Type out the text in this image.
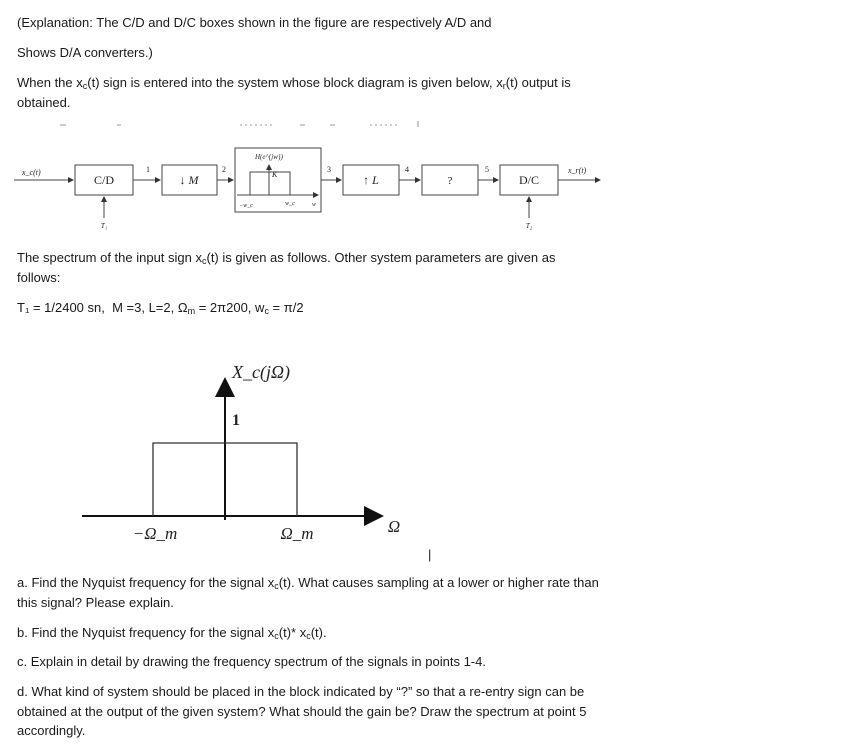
(Explanation: The C/D and D/C boxes shown in the figure are respectively A/D and
Shows D/A converters.)
When the $x_c(t)$ sign is entered into the system whose block diagram is given below, $x_r(t)$ output is
obtained.
x_c(t)
C/D
T₁
1
↓ M
2
H(e^{jw})
K
−w_c	w_c	w
3
↑ L
4
?
5
D/C
T₂
x_r(t)
X_c(jΩ)
1
−Ω_m	Ω_m	Ω
The spectrum of the input sign $x_c(t)$ is given as follows. Other system parameters are given as
follows:
T₁ = 1/2400 sn, M =3, L=2, $\Omega_m = 2\pi 200$, $w_c = \pi/2$
|
a. Find the Nyquist frequency for the signal $x_c(t)$. What causes sampling at a lower or higher rate than
this signal? Please explain.
b. Find the Nyquist frequency for the signal $x_c(t)*$ $x_c(t)$.
c. Explain in detail by drawing the frequency spectrum of the signals in points 1-4.
d. What kind of system should be placed in the block indicated by “?” so that a re-entry sign can be
obtained at the output of the given system? What should the gain be? Draw the spectrum at point 5
accordingly.
